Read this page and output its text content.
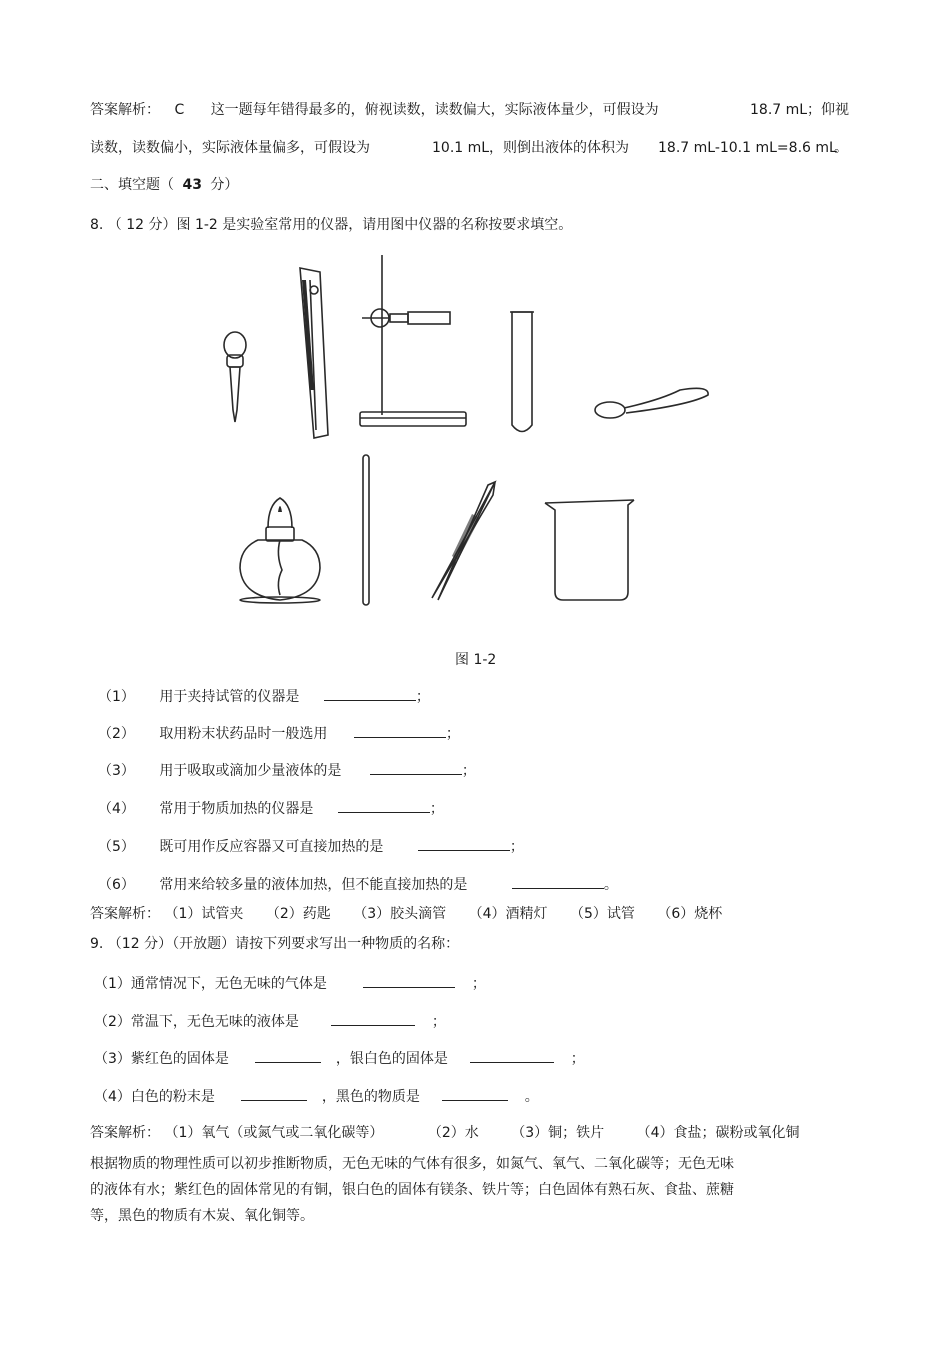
答案解析： C 这一题每年错得最多的，俯视读数，读数偏大，实际液体量少，可假设为	18.7 mL；仰视
读数，读数偏小，实际液体量偏多，可假设为	10.1 mL，则倒出液体的体积为 18.7 mL-10.1 mL=8.6 mL
。
二、填空题（ 43 分）
8. （ 12 分）图 1-2 是实验室常用的仪器，请用图中仪器的名称按要求填空。
图 1-2
（1） 用于夹持试管的仪器是	；
（2） 取用粉末状药品时一般选用	；
（3） 用于吸取或滴加少量液体的是	；
（4） 常用于物质加热的仪器是	；
（5） 既可用作反应容器又可直接加热的是	；
（6） 常用来给较多量的液体加热，但不能直接加热的是	。
答案解析： （1）试管夹 （2）药匙 （3）胶头滴管 （4）酒精灯 （5）试管 （6）烧杯
9. （12 分）（开放题）请按下列要求写出一种物质的名称：
（1）通常情况下，无色无味的气体是	；
（2）常温下，无色无味的液体是	；
（3）紫红色的固体是	，银白色的固体是	；
（4）白色的粉末是	，黑色的物质是	。
答案解析： （1）氧气（或氮气或二氧化碳等）	（2）水 （3）铜；铁片 （4）食盐；碳粉或氧化铜
根据物质的物理性质可以初步推断物质，无色无味的气体有很多，如氮气、氧气、二氧化碳等；无色无味
的液体有水；紫红色的固体常见的有铜，银白色的固体有镁条、铁片等；白色固体有熟石灰、食盐、蔗糖
等，黑色的物质有木炭、氧化铜等。
